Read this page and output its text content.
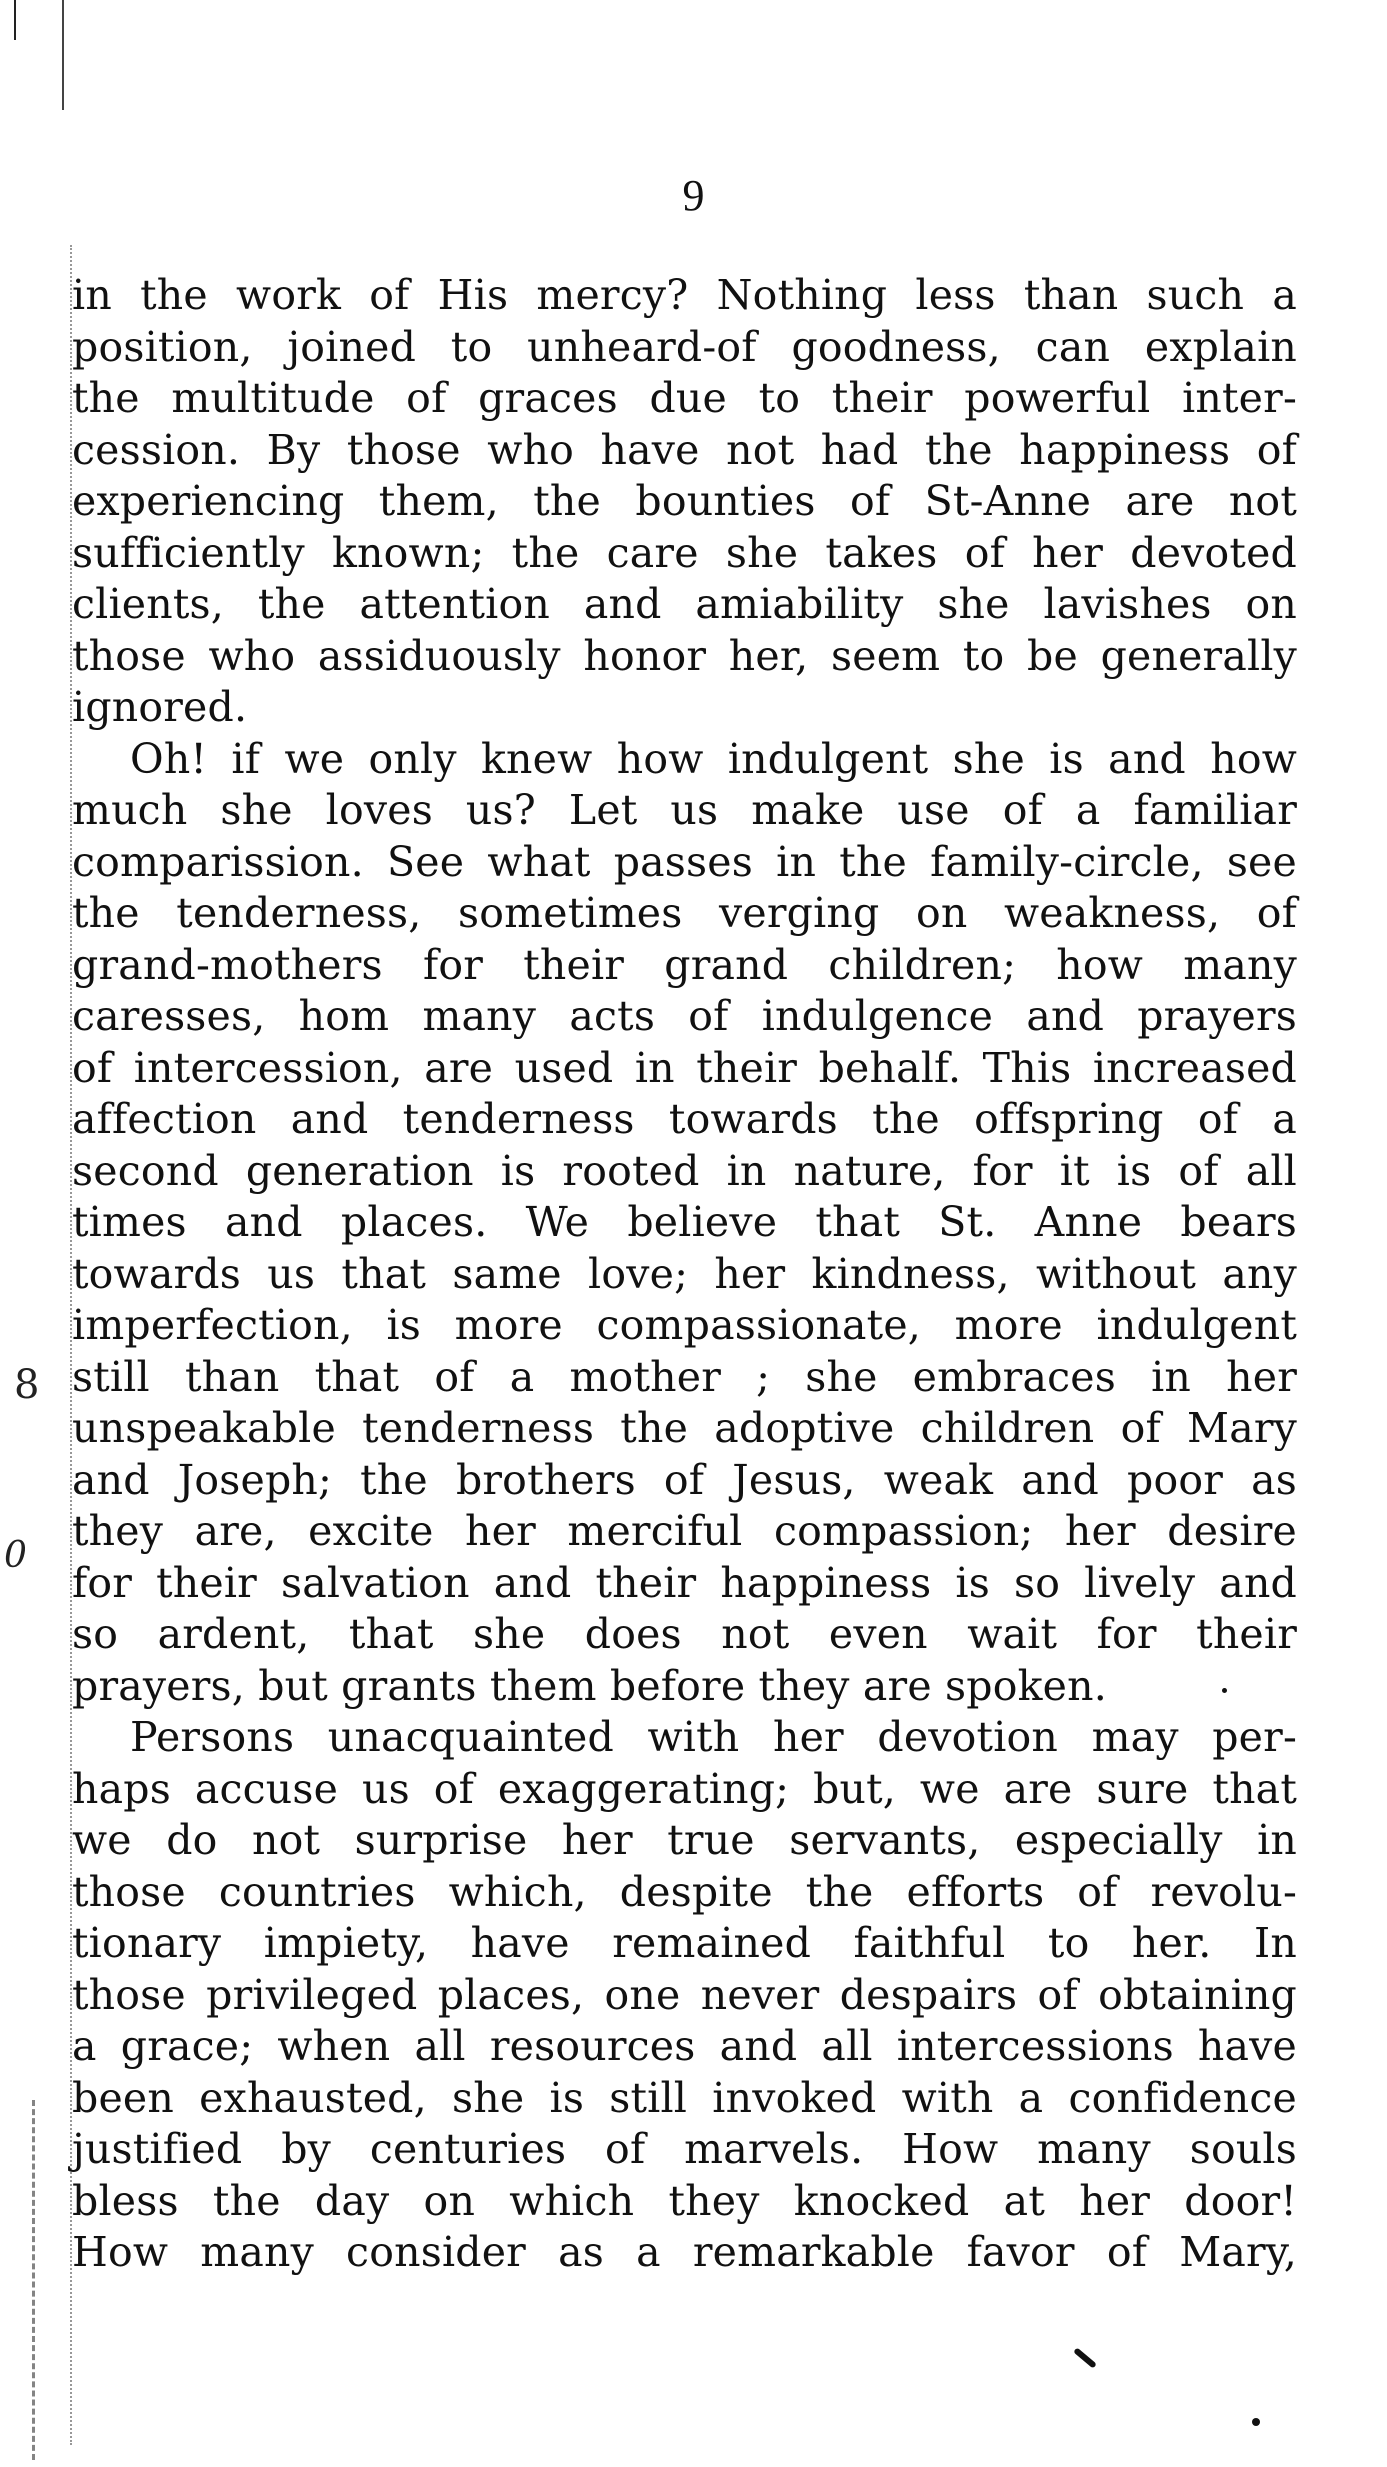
8
0
9
in the work of His mercy? Nothing less than such a
position, joined to unheard-of goodness, can explain
the multitude of graces due to their powerful inter-
cession. By those who have not had the happiness of
experiencing them, the bounties of St-Anne are not
sufficiently known; the care she takes of her devoted
clients, the attention and amiability she lavishes on
those who assiduously honor her, seem to be generally
ignored.
Oh! if we only knew how indulgent she is and how
much she loves us? Let us make use of a familiar
comparission. See what passes in the family-circle, see
the tenderness, sometimes verging on weakness, of
grand-mothers for their grand children; how many
caresses, hom many acts of indulgence and prayers
of intercession, are used in their behalf. This increased
affection and tenderness towards the offspring of a
second generation is rooted in nature, for it is of all
times and places. We believe that St. Anne bears
towards us that same love; her kindness, without any
imperfection, is more compassionate, more indulgent
still than that of a mother ; she embraces in her
unspeakable tenderness the adoptive children of Mary
and Joseph; the brothers of Jesus, weak and poor as
they are, excite her merciful compassion; her desire
for their salvation and their happiness is so lively and
so ardent, that she does not even wait for their
prayers, but grants them before they are spoken.
Persons unacquainted with her devotion may per-
haps accuse us of exaggerating; but, we are sure that
we do not surprise her true servants, especially in
those countries which, despite the efforts of revolu-
tionary impiety, have remained faithful to her. In
those privileged places, one never despairs of obtaining
a grace; when all resources and all intercessions have
been exhausted, she is still invoked with a confidence
justified by centuries of marvels. How many souls
bless the day on which they knocked at her door!
How many consider as a remarkable favor of Mary,
